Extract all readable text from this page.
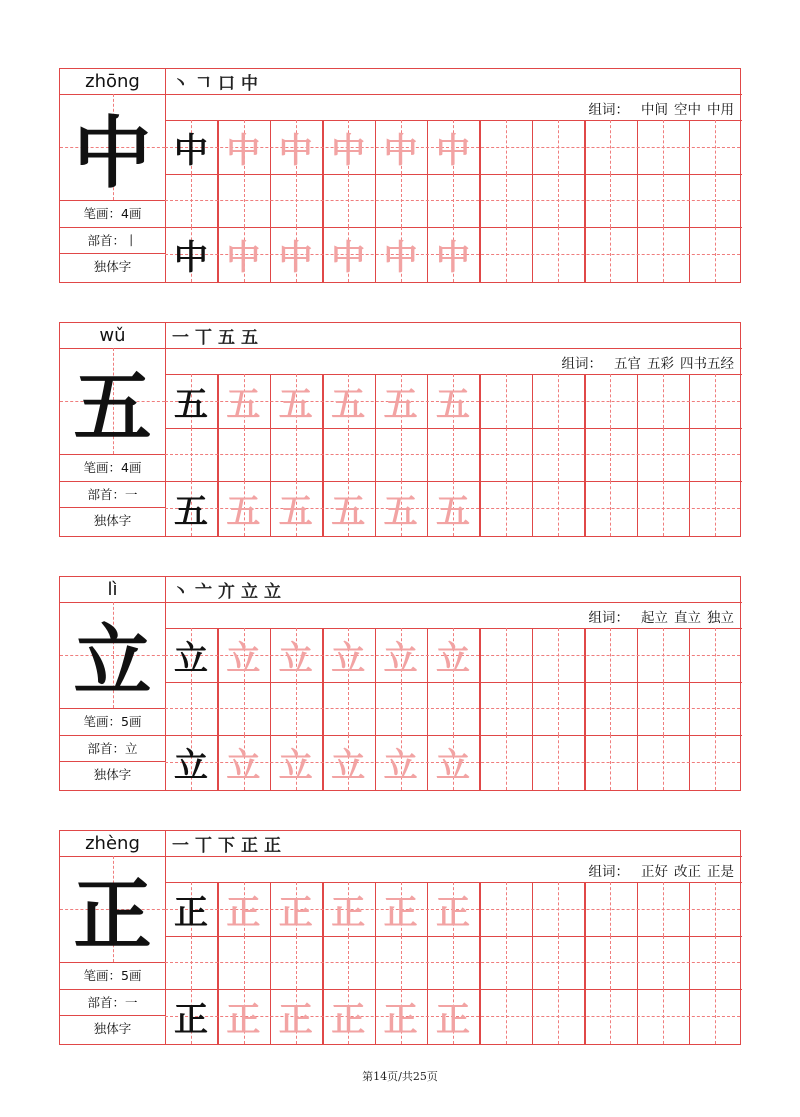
zhōng
中
笔画：4画
部首：丨
独体字
丶 𠃍 口 中
组词： 中间 空中 中用
中 中 中 中 中 中
中 中 中 中 中 中
wǔ
五
笔画：4画
部首：一
独体字
一 丅 五 五
组词： 五官 五彩 四书五经
五 五 五 五 五 五
五 五 五 五 五 五
lì
立
笔画：5画
部首：立
独体字
丶 亠 亣 立 立
组词： 起立 直立 独立
立 立 立 立 立 立
立 立 立 立 立 立
zhèng
正
笔画：5画
部首：一
独体字
一 丅 下 正 正
组词： 正好 改正 正是
正 正 正 正 正 正
正 正 正 正 正 正
第14页/共25页
